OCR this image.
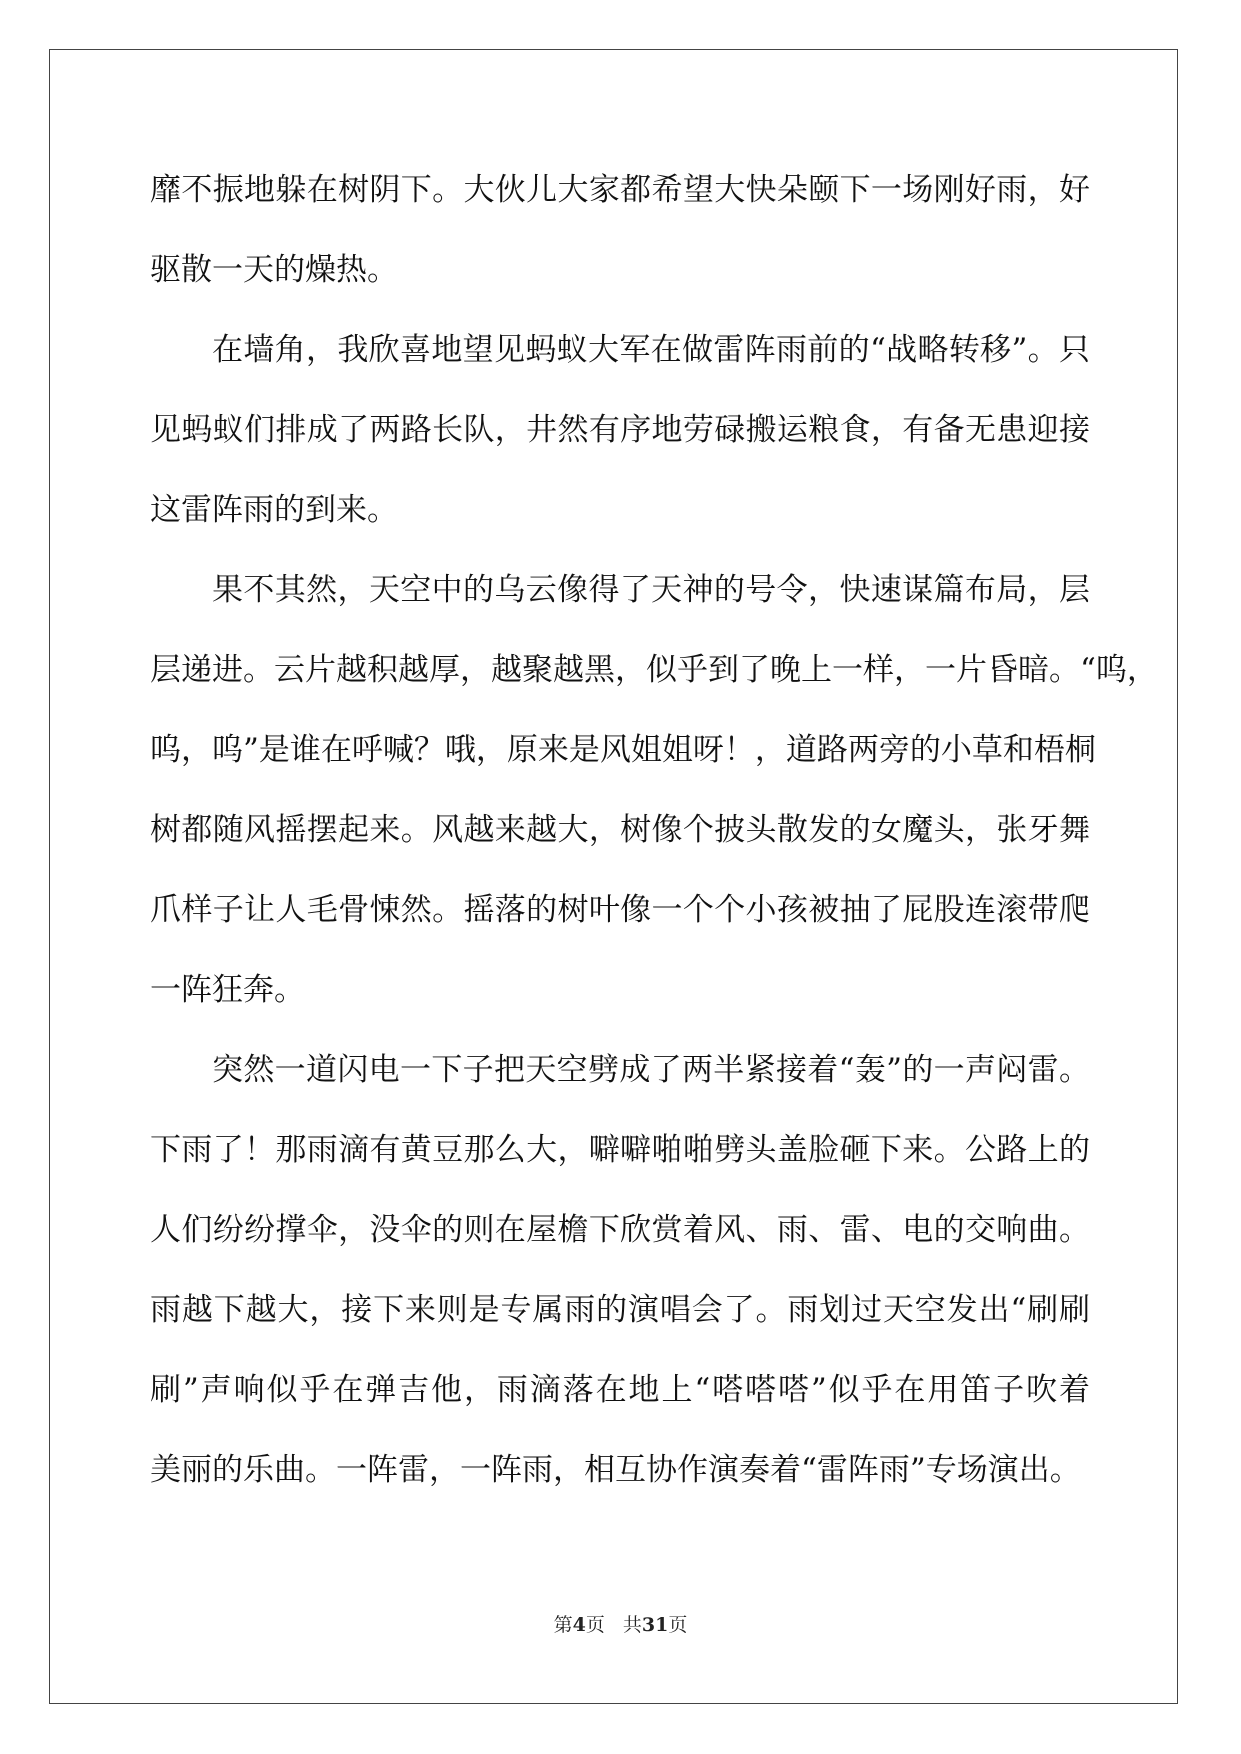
靡不振地躲在树阴下。大伙儿大家都希望大快朵颐下一场刚好雨，好
驱散一天的燥热。
在墙角，我欣喜地望见蚂蚁大军在做雷阵雨前的“战略转移”。只
见蚂蚁们排成了两路长队，井然有序地劳碌搬运粮食，有备无患迎接
这雷阵雨的到来。
果不其然，天空中的乌云像得了天神的号令，快速谋篇布局，层
层递进。云片越积越厚，越聚越黑，似乎到了晚上一样，一片昏暗。“呜，
呜，呜”是谁在呼喊？哦，原来是风姐姐呀！，道路两旁的小草和梧桐
树都随风摇摆起来。风越来越大，树像个披头散发的女魔头，张牙舞
爪样子让人毛骨悚然。摇落的树叶像一个个小孩被抽了屁股连滚带爬
一阵狂奔。
突然一道闪电一下子把天空劈成了两半紧接着“轰”的一声闷雷。
下雨了！那雨滴有黄豆那么大，噼噼啪啪劈头盖脸砸下来。公路上的
人们纷纷撑伞，没伞的则在屋檐下欣赏着风、雨、雷、电的交响曲。
雨越下越大，接下来则是专属雨的演唱会了。雨划过天空发出“刷刷
刷”声响似乎在弹吉他，雨滴落在地上“嗒嗒嗒”似乎在用笛子吹着
美丽的乐曲。一阵雷，一阵雨，相互协作演奏着“雷阵雨”专场演出。
第4页 共31页
